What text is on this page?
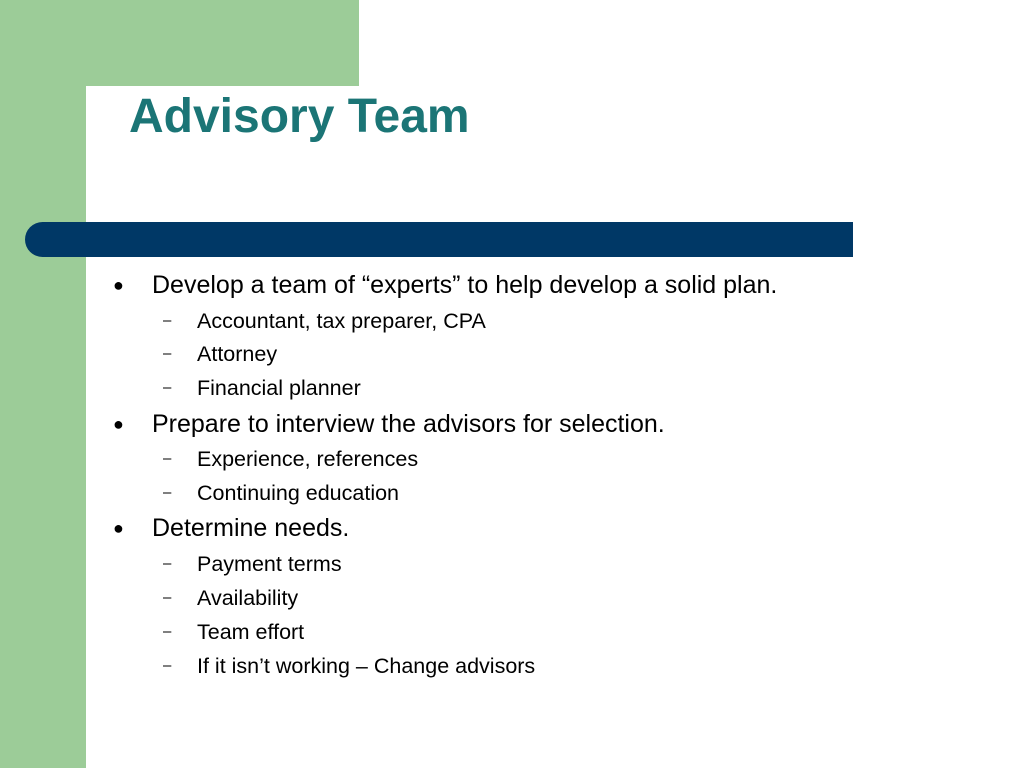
Advisory Team
● Develop a team of “experts” to help develop a solid plan.
– Accountant, tax preparer, CPA
– Attorney
– Financial planner
● Prepare to interview the advisors for selection.
– Experience, references
– Continuing education
● Determine needs.
– Payment terms
– Availability
– Team effort
– If it isn’t working – Change advisors
